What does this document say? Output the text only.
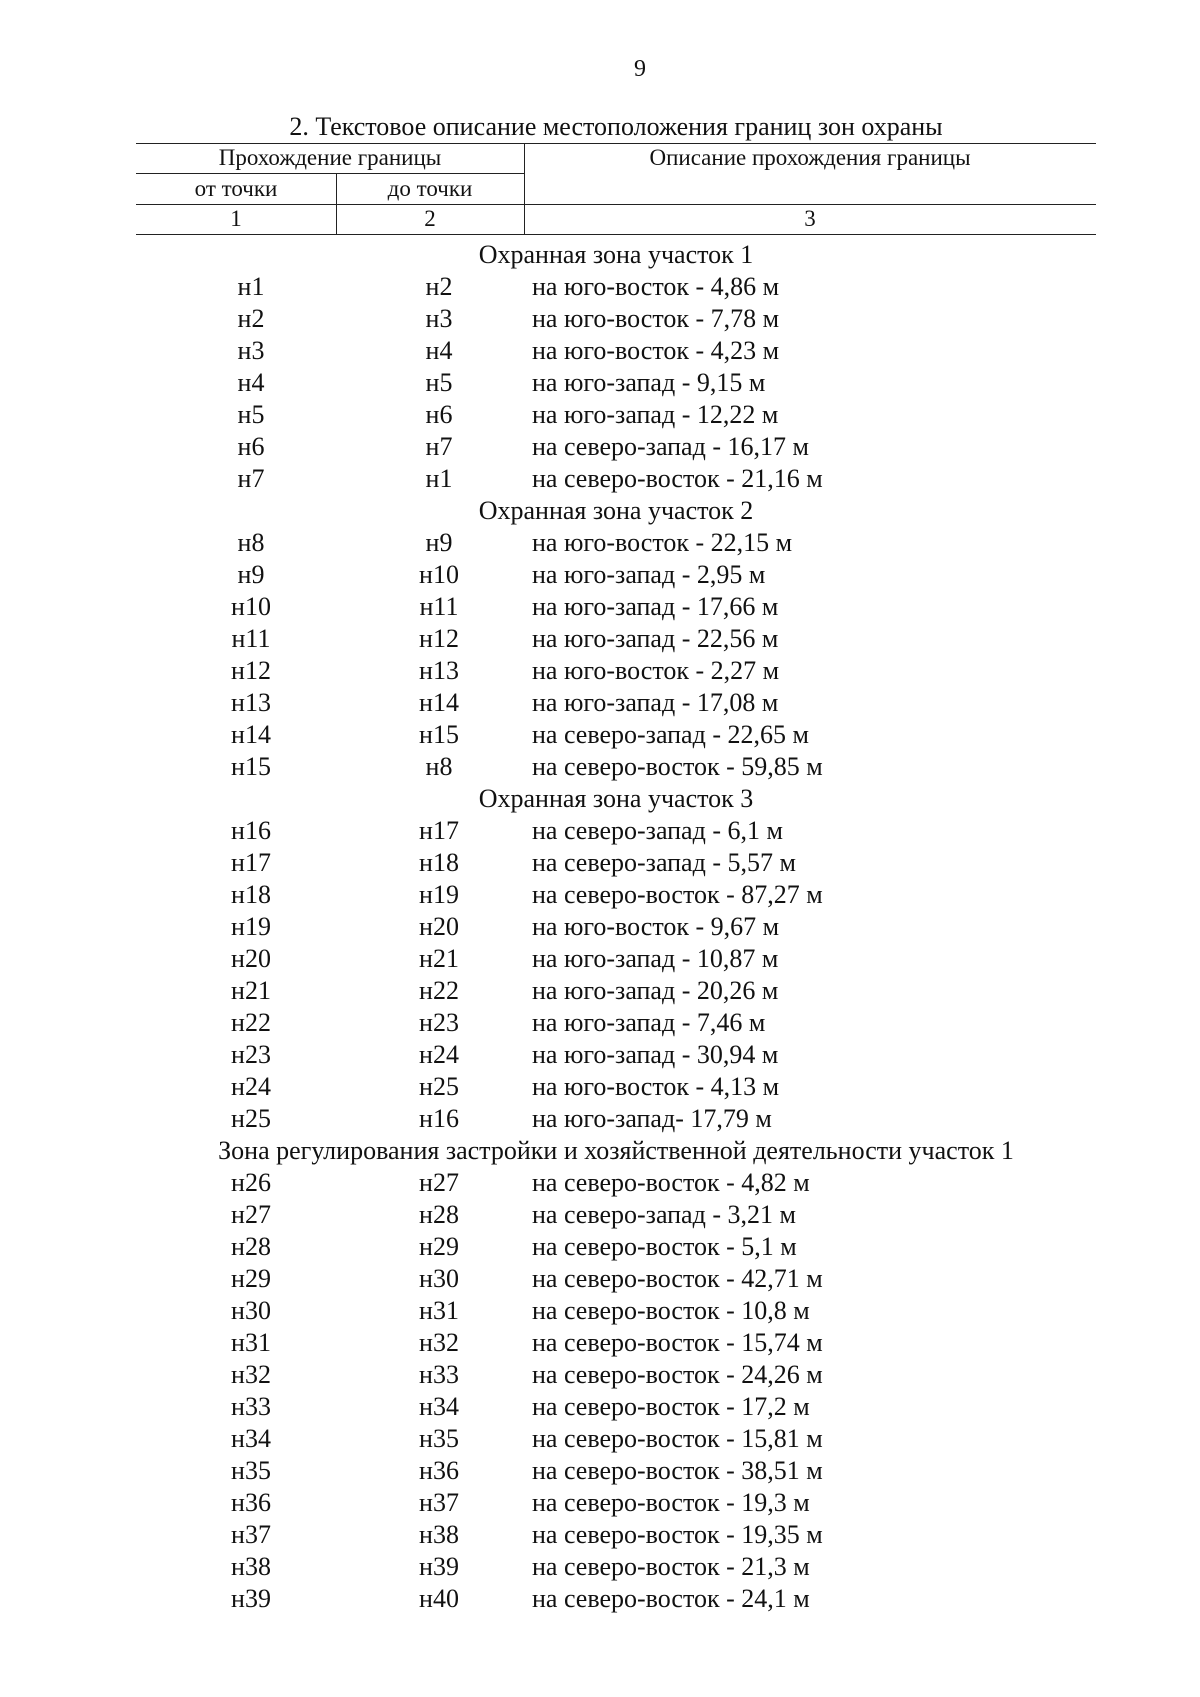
9
2. Текстовое описание местоположения границ зон охраны
Прохождение границы
от точки	до точки
Описание прохождения границы
1	2	3
Охранная зона участок 1
н1	н2	на юго-восток - 4,86 м
н2	н3	на юго-восток - 7,78 м
н3	н4	на юго-восток - 4,23 м
н4	н5	на юго-запад - 9,15 м
н5	н6	на юго-запад - 12,22 м
н6	н7	на северо-запад - 16,17 м
н7	н1	на северо-восток - 21,16 м
Охранная зона участок 2
н8	н9	на юго-восток - 22,15 м
н9	н10	на юго-запад - 2,95 м
н10	н11	на юго-запад - 17,66 м
н11	н12	на юго-запад - 22,56 м
н12	н13	на юго-восток - 2,27 м
н13	н14	на юго-запад - 17,08 м
н14	н15	на северо-запад - 22,65 м
н15	н8	на северо-восток - 59,85 м
Охранная зона участок 3
н16	н17	на северо-запад - 6,1 м
н17	н18	на северо-запад - 5,57 м
н18	н19	на северо-восток - 87,27 м
н19	н20	на юго-восток - 9,67 м
н20	н21	на юго-запад - 10,87 м
н21	н22	на юго-запад - 20,26 м
н22	н23	на юго-запад - 7,46 м
н23	н24	на юго-запад - 30,94 м
н24	н25	на юго-восток - 4,13 м
н25	н16	на юго-запад- 17,79 м
Зона регулирования застройки и хозяйственной деятельности участок 1
н26	н27	на северо-восток - 4,82 м
н27	н28	на северо-запад - 3,21 м
н28	н29	на северо-восток - 5,1 м
н29	н30	на северо-восток - 42,71 м
н30	н31	на северо-восток - 10,8 м
н31	н32	на северо-восток - 15,74 м
н32	н33	на северо-восток - 24,26 м
н33	н34	на северо-восток - 17,2 м
н34	н35	на северо-восток - 15,81 м
н35	н36	на северо-восток - 38,51 м
н36	н37	на северо-восток - 19,3 м
н37	н38	на северо-восток - 19,35 м
н38	н39	на северо-восток - 21,3 м
н39	н40	на северо-восток - 24,1 м
